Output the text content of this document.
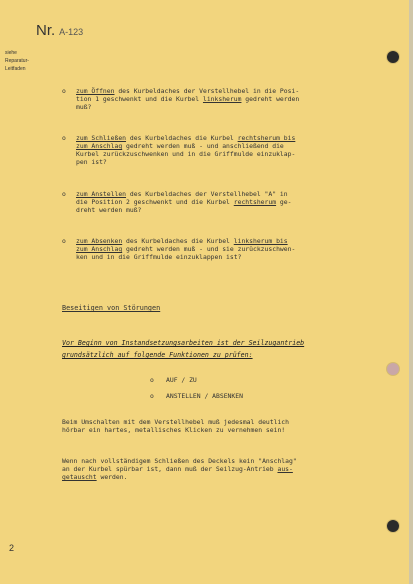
Nr. A-123
siehe Reparatur-Leitfaden
o zum Öffnen des Kurbeldaches der Verstellhebel in die Posi-
tion 1 geschwenkt und die Kurbel linksherum gedreht werden
muß?
o zum Schließen des Kurbeldaches die Kurbel rechtsherum bis
zum Anschlag gedreht werden muß - und anschließend die
Kurbel zurückzuschwenken und in die Griffmulde einzuklap-
pen ist?
o zum Anstellen des Kurbeldaches der Verstellhebel "A" in
die Position 2 geschwenkt und die Kurbel rechtsherum ge-
dreht werden muß?
o zum Absenken des Kurbeldaches die Kurbel linksherum bis
zum Anschlag gedreht werden muß - und sie zurückzuschwen-
ken und in die Griffmulde einzuklappen ist?
Beseitigen von Störungen
Vor Beginn von Instandsetzungsarbeiten ist der Seilzugantrieb
grundsätzlich auf folgende Funktionen zu prüfen:
o AUF / ZU
o ANSTELLEN / ABSENKEN
Beim Umschalten mit dem Verstellhebel muß jedesmal deutlich
hörbar ein hartes, metallisches Klicken zu vernehmen sein!
Wenn nach vollständigem Schließen des Deckels kein "Anschlag"
an der Kurbel spürbar ist, dann muß der Seilzug-Antrieb aus-
getauscht werden.
2
